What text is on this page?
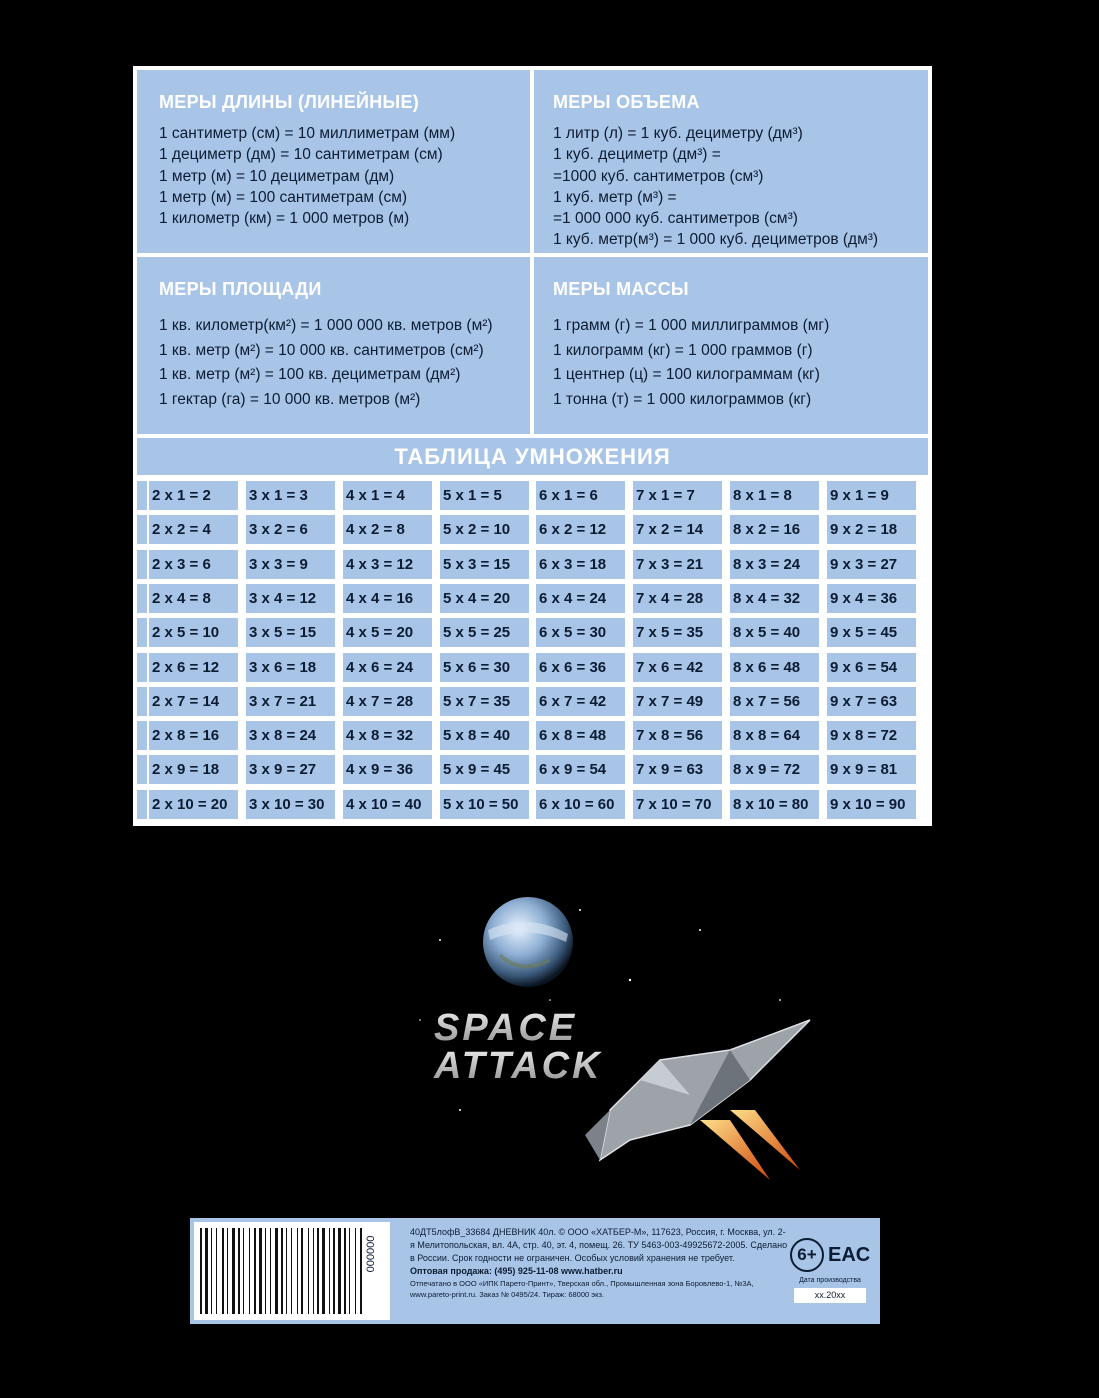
МЕРЫ ДЛИНЫ (ЛИНЕЙНЫЕ)
1 сантиметр (см) = 10 миллиметрам (мм)
1 дециметр (дм) = 10 сантиметрам (см)
1 метр (м) = 10 дециметрам (дм)
1 метр (м) = 100 сантиметрам (см)
1 километр (км) = 1 000 метров (м)
МЕРЫ ОБЪЕМА
1 литр (л) = 1 куб. дециметру (дм³)
1 куб. дециметр (дм³) =
=1000 куб. сантиметров (см³)
1 куб. метр (м³) =
=1 000 000 куб. сантиметров (см³)
1 куб. метр(м³) = 1 000 куб. дециметров (дм³)
МЕРЫ ПЛОЩАДИ
1 кв. километр(км²) = 1 000 000 кв. метров (м²)
1 кв. метр (м²) = 10 000 кв. сантиметров (см²)
1 кв. метр (м²) = 100 кв. дециметрам (дм²)
1 гектар (га) = 10 000 кв. метров (м²)
МЕРЫ МАССЫ
1 грамм (г) = 1 000 миллиграммов (мг)
1 килограмм (кг) = 1 000 граммов (г)
1 центнер (ц) = 100 килограммам (кг)
1 тонна (т) = 1 000 килограммов (кг)
ТАБЛИЦА УМНОЖЕНИЯ
2 x 1 = 2
2 x 2 = 4
2 x 3 = 6
2 x 4 = 8
2 x 5 = 10
2 x 6 = 12
2 x 7 = 14
2 x 8 = 16
2 x 9 = 18
2 x 10 = 20
3 x 1 = 3
3 x 2 = 6
3 x 3 = 9
3 x 4 = 12
3 x 5 = 15
3 x 6 = 18
3 x 7 = 21
3 x 8 = 24
3 x 9 = 27
3 x 10 = 30
4 x 1 = 4
4 x 2 = 8
4 x 3 = 12
4 x 4 = 16
4 x 5 = 20
4 x 6 = 24
4 x 7 = 28
4 x 8 = 32
4 x 9 = 36
4 x 10 = 40
5 x 1 = 5
5 x 2 = 10
5 x 3 = 15
5 x 4 = 20
5 x 5 = 25
5 x 6 = 30
5 x 7 = 35
5 x 8 = 40
5 x 9 = 45
5 x 10 = 50
6 x 1 = 6
6 x 2 = 12
6 x 3 = 18
6 x 4 = 24
6 x 5 = 30
6 x 6 = 36
6 x 7 = 42
6 x 8 = 48
6 x 9 = 54
6 x 10 = 60
7 x 1 = 7
7 x 2 = 14
7 x 3 = 21
7 x 4 = 28
7 x 5 = 35
7 x 6 = 42
7 x 7 = 49
7 x 8 = 56
7 x 9 = 63
7 x 10 = 70
8 x 1 = 8
8 x 2 = 16
8 x 3 = 24
8 x 4 = 32
8 x 5 = 40
8 x 6 = 48
8 x 7 = 56
8 x 8 = 64
8 x 9 = 72
8 x 10 = 80
9 x 1 = 9
9 x 2 = 18
9 x 3 = 27
9 x 4 = 36
9 x 5 = 45
9 x 6 = 54
9 x 7 = 63
9 x 8 = 72
9 x 9 = 81
9 x 10 = 90
SPACE
ATTACK
000000
40ДТ5лофВ_33684 ДНЕВНИК 40л. © ООО «ХАТБЕР-М», 117623, Россия, г. Москва, ул. 2-я Мелитопольская, вл. 4А, стр. 40, эт. 4, помещ. 26. ТУ 5463-003-49925672-2005. Сделано в России. Срок годности не ограничен. Особых условий хранения не требует.
Оптовая продажа: (495) 925-11-08 www.hatber.ru
Отпечатано в ООО «ИПК Парето-Принт», Тверская обл., Промышленная зона Боровлево-1, №3А, www.pareto-print.ru. Заказ № 0495/24. Тираж: 68000 экз.
6+ EAC
Дата производства
хх.20хх
